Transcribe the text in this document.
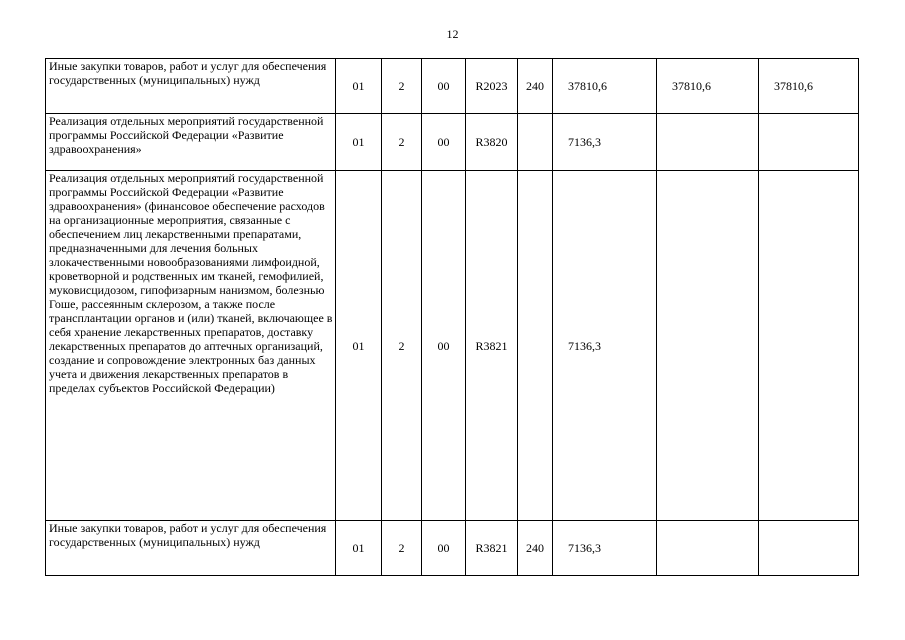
12
Иные закупки товаров, работ и услуг для обеспечения государственных (муниципальных) нужд	01	2	00	R2023	240	37810,6	37810,6	37810,6
Реализация отдельных мероприятий государственной программы Российской Федерации «Развитие здравоохранения»	01	2	00	R3820		7136,3		
Реализация отдельных мероприятий государственной программы Российской Федерации «Развитие здравоохранения» (финансовое обеспечение расходов на организационные мероприятия, связанные с обеспечением лиц лекарственными препаратами, предназначенными для лечения больных злокачественными новообразованиями лимфоидной, кроветворной и родственных им тканей, гемофилией, муковисцидозом, гипофизарным нанизмом, болезнью Гоше, рассеянным склерозом, а также после трансплантации органов и (или) тканей, включающее в себя хранение лекарственных препаратов, доставку лекарственных препаратов до аптечных организаций, создание и сопровождение электронных баз данных учета и движения лекарственных препаратов в пределах субъектов Российской Федерации)	01	2	00	R3821		7136,3		
Иные закупки товаров, работ и услуг для обеспечения государственных (муниципальных) нужд	01	2	00	R3821	240	7136,3		
